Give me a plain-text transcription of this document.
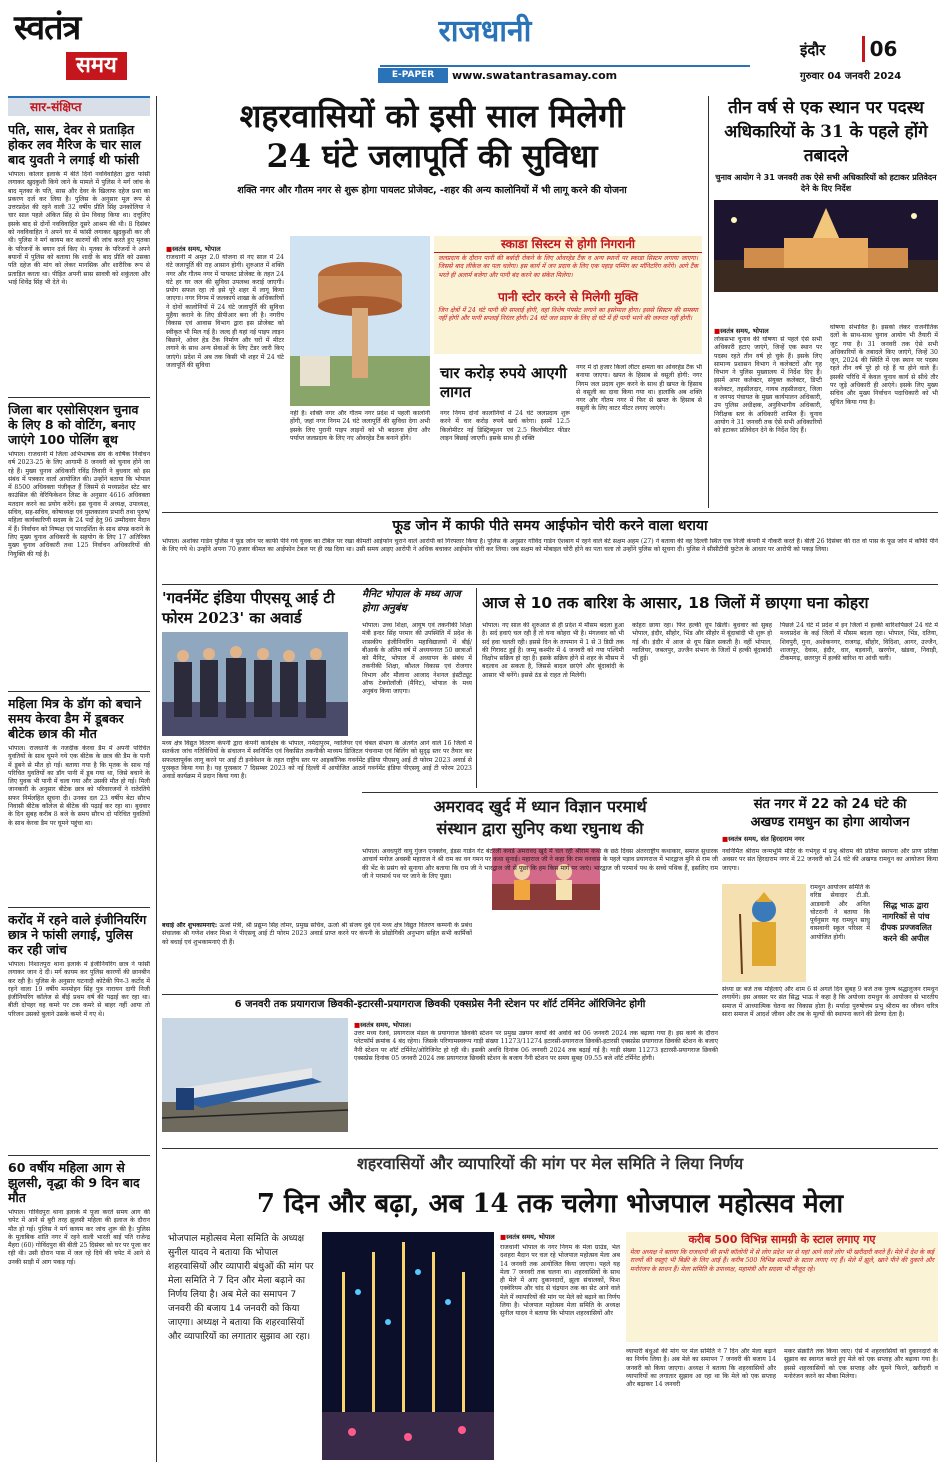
स्वतंत्र
समय
राजधानी
E-PAPER	www.swatantrasamay.com
इंदौर	06
गुरुवार 04 जनवरी 2024
सार-संक्षिप्त
पति, सास, देवर से प्रताड़ित होकर लव मैरिज के चार साल बाद युवती ने लगाई थी फांसी
भोपाल। कोलार इलाके में बीते दिनों नवविवाहिता द्वारा फांसी लगाकर खुदकुशी किये जाने के मामले में पुलिस ने मर्ग जांच के बाद मृतका के पति, सास और देवर के खिलाफ दहेज प्रथा का प्रकरण दर्ज कर लिया है। पुलिस के अनुसार मूल रूप से उत्तरप्रदेश की रहने वाली 32 वर्षीय प्रीति सिंह उनकोलिया ने चार साल पहले अंकित सिंह से प्रेम विवाह किया था। दत्तूलिए इसके बाद से दोनों नवविवाहित दूसरे आश्रम की थी। 8 दिसंबर को नवविवाहित ने अपने घर में फांसी लगाकर खुदकुशी कर ली थी। पुलिस ने मर्ग कायम कर कारणों की जांच करते हुए मृतका के परिजनों के बयान दर्ज किए थे। मृतका के परिजनों ने अपने बयानों में पुलिस को बताया कि शादी के बाद प्रीति को उसका पति दहेज की मांग को लेकर मानसिक और शारीरिक रूप से प्रताड़ित करता था। पीड़ित अपनी सास सावत्री को शकुंतला और भाई शिवेंद्र सिंह भी देते थे।
जिला बार एसोसिएशन चुनाव के लिए 8 को वोटिंग, बनाए जाएंगे 100 पोलिंग बूथ
भोपाल। राजधानी में जिला अभिभाषक संघ के वार्षिक निर्वाचन वर्ष 2023-25 के लिए आगामी 8 जनवरी को चुनाव होने जा रहे हैं। मुख्य चुनाव अधिकारी रविंद्र तिवारी ने बुधवार को इस संबंध में पत्रकार वार्ता आयोजित की। उन्होंने बताया कि भोपाल में 8500 अधिवक्ता पंजीकृत हैं जिसमें से मध्यप्रदेश स्टेट बार काउंसिल की वेरिफिकेशन लिस्ट के अनुसार 4616 अधिवक्ता मतदान करने का प्रयोग करेंगे। इस चुनाव में अध्यक्ष, उपाध्यक्ष, सचिव, सह-सचिव, कोषाध्यक्ष एवं पुस्तकालय प्रभारी तथा पुरुष/महिला कार्यकारिणी सदस्य के 24 पदों हेतु 96 उम्मीदवार मैदान में हैं। निर्वाचन को निष्पक्ष एवं पारदर्शिता के साथ संपन्न कराने के लिए मुख्य चुनाव अधिकारी के सहयोग के लिए 17 अतिरिक्त मुख्य चुनाव अधिकारी तथा 125 निर्वाचन अधिकारियों की नियुक्ति की गई है।
महिला मित्र के डॉग को बचाने समय केरवा डैम में डूबकर बीटेक छात्र की मौत
भोपाल। राजधानी के नजदीक केरवा डैम में अपनी परिचित युवतियों के साथ घूमने गये एक बीटेक के छात्र की डैम के पानी में डूबने से मौत हो गई। बताया गया है कि मृतक के साथ गई परिचित युवतियों का डॉग पानी में डूब गया था, जिसे बचाने के लिए युवक भी पानी में चला गया और उसकी मौत हो गई। मिली जानकारी के अनुसार बीटेक छात्र को परिवारजनों ने रातेरतिये सफर निर्मलहित सूचना दी। उनका दल 23 वर्षीय बेटा सौरभ निवासी बीटेक कॉलेज से बीटेक की पढ़ाई कर रहा था। बुधवार के दिन सुबह करीब 8 बजे के समय सौरभ दो परिचित युवतियों के साथ केरवा डैम पर घूमने पहुंचा था।
करोंद में रहने वाले इंजीनियरिंग छात्र ने फांसी लगाई, पुलिस कर रही जांच
भोपाल। निशातपुरा थाना इलाके में इंजीनियरिंग छात्र ने फांसी लगाकर जान दे दी। मर्ग कायम कर पुलिस कारणों की छानबीन कर रही है। पुलिस के अनुसार घटनादी कोटेकी पिन-3 कटोंद में रहने वाला 19 वर्षीय मनमोहन सिंह पुत्र नारायन दागी निजी इंजीनियरिंग कॉलेज से बीई प्रथम वर्ष की पढ़ाई कर रहा था। बीती दोपहर वह कमरे पर टक कमरे से बाहर नहीं आया तो परिजन उसको बुलाने उसके कमरे में गए थे।
60 वर्षीय महिला आग से झुलसी, वृद्धा की 9 दिन बाद मौत
भोपाल। गोविंदपुरा थाना इलाके में पूजा करते समय आग की चपेट में आने से बुरी तरह झुलसी महिला की इलाज के दौरान मौत हो गई। पुलिस ने मर्ग कायम कर जांच शुरू की है। पुलिस के मुताबिक शांति नगर में रहने वाली भारती बाई पति राजेन्द्र मैहरा (60) गोविंदपुरा की बीती 25 दिसंबर को घर पर पूजा कर रही थी। उसी दौरान पास में जल रहे दिये की चपेट में आने से उनकी साड़ी में आग पकड़ गई।
शहरवासियों को इसी साल मिलेगी
24 घंटे जलापूर्ति की सुविधा
शक्ति नगर और गौतम नगर से शुरू होगा पायलट प्रोजेक्ट, -शहर की अन्य कालोनियों में भी लागू करने की योजना
■ स्वतंत्र समय, भोपाल
राजधानी में अमृत 2.0 योजना से नए साल में 24 घंटे जलापूर्ति की राह आसान होगी। शुरुआत में शक्ति नगर और गौतम नगर में पायलट प्रोजेक्ट के तहत 24 घंटे हर घर जल की सुविधा उपलब्ध कराई जाएगी। प्रयोग सफल रहा तो इसे पूरे शहर में लागू किया जाएगा। नगर निगम में जलकार्य शाखा के अधिकारियों ने दोनों कालोनियों में 24 घंटे जलापूर्ति की सुविधा मुहैया कराने के लिए डीपीआर बना ली है। नगरीय विकास एवं आवास विभाग द्वारा इस प्रोजेक्ट को स्वीकृत भी मिल गई है। जल्द ही यहां नई पाइप लाइन बिछाने, ओवर हेड टैंक निर्माण और घरों में मीटर लगाने के साथ अन्य सेवाओं के लिए टेंडर जारी किए जाएंगे। प्रदेश में अब तक किसी भी शहर में 24 घंटे जलापूर्ति की सुविधा
नहीं है। शक्ति नगर और गौतम नगर प्रदेश में पहली कालोनी होंगी, जहां नगर निगम 24 घंटे जलापूर्ति की सुविधा देगा अभी इसके लिए पुरानी पाइप लाइनों को भी बदलना होगा और पर्याप्त जलप्रदाय के लिए नए ओवरहेड टैंक बनाने होंगे।
स्काडा सिस्टम से होगी निगरानी
जलप्रदाय के दौरान पानी की बर्बादी रोकने के लिए ओवरहेड टैंक व अन्य स्थानों पर स्काडा सिस्टम लगाया जाएगा। जिससे बाद लीकेज का पता चलेगा। इस कार्य में जन प्रदाय के लिए एक पहाड़ पम्पिंग का मॉनिटरिंग करेंगे। आगे टैंक भरते ही अलार्म बजेगा और पानी बंद करने का संकेत मिलेगा।
पानी स्टोर करने से मिलेगी मुक्ति
जिन क्षेत्रों में 24 घंटे पानी की सप्लाई होगी, वहां विशेष पंपसेट लगाने का इस्तेमाल होगा। इससे सिस्टम की समस्या नहीं होगी और पानी सप्लाई निरंतर होगी। 24 घंटे जल प्रदाय के लिए दो घंटे में ही पानी भरने की जरूरत नहीं होगी।
चार करोड़ रुपये आएगी लागत
नगर निगम दोनों कालोनियों में 24 घंटे जलप्रदाय शुरू करने में चार करोड़ रुपये खर्च करेगा। इसमें 12.5 किलोमीटर नई डिस्ट्रिब्यूशन एवं 2.5 किलोमीटर फीडर लाइन बिछाई जाएगी। इसके साथ ही शक्ति
नगर में दो हजार किलो लीटर क्षमता का ओवरहेड टैंक भी बनाया जाएगा। खपत के हिसाब से वसूली होगी: नगर निगम जल प्रदाय शुरू करने के साथ ही खपत के हिसाब से वसूली का दावा किया गया था। हालांकि अब शक्ति नगर और गौतम नगर में फिर से खपत के हिसाब से वसूली के लिए वाटर मीटर लगाए जाएंगे।
तीन वर्ष से एक स्थान पर पदस्थ अधिकारियों के 31 के पहले होंगे तबादले
चुनाव आयोग ने 31 जनवरी तक ऐसे सभी अधिकारियों को हटाकर प्रतिवेदन देने के दिए निर्देश
■ स्वतंत्र समय, भोपाल
लोकसभा चुनाव की घोषणा से पहले ऐसे सभी अधिकारी हटाए जाएंगे, जिन्हें एक स्थान पर पदस्थ रहते तीन वर्ष हो चुके हैं। इसके लिए सामान्य प्रशासन विभाग ने कलेक्टरों और गृह विभाग ने पुलिस मुख्यालय में निर्देश दिए हैं। इसमें अपर कलेक्टर, संयुक्त कलेक्टर, डिप्टी कलेक्टर, तहसीलदार, नायब तहसीलदार, जिला व जनपद पंचायत के मुख्य कार्यपालन अधिकारी, उप पुलिस अधीक्षक, अनुविभागीय अधिकारी, निरीक्षक स्तर के अधिकारी शामिल हैं। चुनाव आयोग ने 31 जनवरी तक ऐसे सभी अधिकारियों को हटाकर प्रतिवेदन देने के निर्देश दिए हैं।
घोषणा संभावित है। इसको लेकर राजनीतिक दलों के साथ-साथ चुनाव आयोग भी तैयारी में जुट गया है। 31 जनवरी तक ऐसे सभी अधिकारियों के तबादले किए जाएंगे, जिन्हें 30 जून, 2024 की स्थिति में एक स्थान पर पदस्थ रहते तीन वर्ष पूरे हो रहे हैं या होने वाले हैं। इसकी परिधि में केवल चुनाव कार्य से सीधे तौर पर जुड़े अधिकारी ही आएंगे। इसके लिए मुख्य सचिव और मुख्य निर्वाचन पदाधिकारी को भी सूचित किया गया है।
फूड जोन में काफी पीते समय आईफोन चोरी करने वाला धराया
भोपाल। अशोका गार्डन पुलिस ने फूड जोन पर काफी पीने गये युवक का टेबिल पर रखा कीमती आईफोन चुराने वाले आरोपी को गिरफ्तार किया है। पुलिस के अनुसार गोविंद गार्डन ऐशबाग में रहने वाले बेटे सक्षम अहम (27) ने बताया की वह दिल्ली स्थित एक निजी कंपनी में नौकरी करते हैं। बीती 26 दिसंबर की रात वो पास के फूड जोन में कॉफी पीने के लिए गये थे। उन्होंने अपना 70 हजार कीमत का आईफोन टेबल पर ही रख दिया था। उसी समय आइए आरोपी ने अधिक बचाकर आईफोन चोरी कर लिया। जब सक्षम को मोबाइल चोरी होने का पता चला तो उन्होंने पुलिस को सूचना दी। पुलिस ने सीसीटीवी फुटेज के आधार पर आरोपी को पकड़ लिया।
'गवर्नमेंट इंडिया पीएसयू आई टी फोरम 2023' का अवार्ड
मध्य क्षेत्र विद्युत वितरण कंपनी द्वारा कंपनी कार्यक्षेत्र के भोपाल, नर्मदापुरम, ग्वालियर एवं चंबल संभाग के अंतर्गत आने वाले 16 जिलों में सतर्कता जांच गतिविधियों के संचालन में स्वनिर्मित एवं विकसित तकनीकी माध्यम डिजिटल पंचनामा एवं बिलिंग को सुदृढ़ स्तर पर तैयार कर सफलतापूर्वक लागू करने पर आई टी इनोवेशन के तहत राष्ट्रीय स्तर पर आइकॉनिक गवर्नमेंट इंडिया पीएसयू आई टी फोरम 2023 अवार्ड से पुरस्कृत किया गया है। यह पुरस्कार 7 दिसम्बर 2023 को नई दिल्ली में आयोजित आठवें गवर्नमेंट इंडिया पीएसयू आई टी फोरम 2023 अवार्ड कार्यक्रम में प्रदान किया गया है।
बधाई और शुभकामनाएं: ऊर्जा मंत्री, श्री प्रद्युम्न सिंह तोमर, प्रमुख सचिव, ऊर्जा श्री संजय दुबे एवं मध्य क्षेत्र विद्युत वितरण कम्पनी के प्रबंध संचालक श्री गणेश शंकर मिश्रा ने पीएसयू आई टी फोरम 2023 अवार्ड प्राप्त करने पर कंपनी के प्रोद्योगिकी अनुभाग सहित सभी कार्मिकों को बधाई एवं शुभकामनाएं दी हैं।
मैनिट भोपाल के मध्य आज होगा अनुबंध
भोपाल। उच्च शिक्षा, आयुष एवं तकनीकी शिक्षा मंत्री इन्दर सिंह परमार की उपस्थिति में प्रदेश के शासकीय इंजीनियरिंग महाविद्यालयों में बीई/बीआर्क के अंतिम वर्ष में अध्ययनरत 50 छात्राओं को मैनिट, भोपाल में अध्यापन के संबंध में तकनीकी शिक्षा, कौशल विकास एवं रोजगार विभाग और मौलाना आजाद नेशनल इंस्टीट्यूट ऑफ टेक्नोलॉजी (मैनिट), भोपाल के मध्य अनुबंध किया जाएगा।
आज से 10 तक बारिश के आसार, 18 जिलों में छाएगा घना कोहरा
भोपाल। नए साल की शुरुआत से ही प्रदेश में मौसम बदला हुआ है। सर्द हवाएं चल रही हैं तो घना कोहरा भी है। मंगलवार को भी सर्द हवा चलती रही। इससे दिन के तापमान में 1 से 3 डिग्री तक की गिरावट हुई है। जम्मू कश्मीर में 4 जनवरी को नया पश्चिमी विक्षोभ सक्रिय हो रहा है। इसके सक्रिय होने से शहर के मौसम में बदलाव आ सकता है, जिससे बादल छाएंगे और बूंदाबांदी के आसार भी बनेंगे। इससे ठंड से राहत तो मिलेगी।
कोहरा छाया रहा। फिर हल्की धूप खिली। बुधवार को सुबह भोपाल, इंदौर, सीहोर, भिंड और सीहोर में बूंदाबांदी भी शुरू हो गई थी। इंदौर में आज से धूप खिल सकती है। वहीं भोपाल, ग्वालियर, जबलपुर, उज्जैन संभाग के जिलों में हल्की बूंदाबांदी भी हुई।
पिछले 24 घंटे में प्रदेश में इन जिलों में हल्की बारिशपिछले 24 घंटे में मध्यप्रदेश के कई जिलों में मौसम बदला रहा। भोपाल, भिंड, दतिया, शिवपुरी, गुना, अशोकनगर, राजगढ़, सीहोर, विदिशा, आगर, उज्जैन, शाजापुर, देवास, इंदौर, धार, बड़वानी, खरगोन, खंडवा, निवाड़ी, टीकमगढ़, छतरपुर में हल्की बारिश या आंधी चली।
अमरावद खुर्द में ध्यान विज्ञान परमार्थ
संस्थान द्वारा सुनिए कथा रघुनाथ की
भोपाल। अवधपुरी वायु गुंजन एनक्लेव, इंडस गार्डन गेट बेटरली कवर्ड अमरावद खुर्द में चल रही श्रीराम कथा के छठे दिवस अंतरराष्ट्रीय कथाकार, समाज सुधारक आचार्य मनोज अवस्थी महाराज ने श्री राम का वन गमन पर कथा सुनाई। महाराज जी ने कहा कि राम वनवास के पहले पड़ाव प्रयागराज में भारद्वाज मुनि से राम जी की भेंट के प्रसंग को सुनाया और बताया कि राम जी ने भारद्वाज जी से पूछा कि हम किस मार्ग पर जाएं। भारद्वाज जी परमार्थ पथ के सच्चे पथिक हैं, इसलिए राम जी ने परमार्थ पथ पर जाने के लिए पूछा।
संत नगर में 22 को 24 घंटे की
अखण्ड रामधुन का होगा आयोजन
■ स्वतंत्र समय, संत हिरदाराम नगर
नवनिर्मित श्रीराम जन्मभूमि मंदिर के गर्भगृह में प्रभु श्रीराम की प्रतिमा स्थापना और प्राण प्रतिष्ठा अवसर पर संत हिरदाराम नगर में 22 जनवरी को 24 घंटे की अखण्ड रामधुन का आयोजन किया जाएगा।
रामधुन आयोजन समिति के वरिष्ठ सेवादार टी.डी. आडवानी और अनिल चोटरानी ने बताया कि पूर्वनुसार यह रामधुन साधु वासवानी स्कूल परिसर में आयोजित होगी।
सिद्ध भाऊ द्वारा नागरिकों से पांच दीपक प्रज्जवलित करने की अपील
संध्या छः बजे तक महिलाएं और शाम 6 से अगले दिन सुबह 9 बजे तक पुरुष श्रद्धालुजन रामधुन लगायेंगे। इस अवसर पर संत सिद्ध भाऊ ने कहा है कि अयोध्या रामधुन के आयोजन से भारतीय समाज में आध्यात्मिक चेतना का विकास होता है। मर्यादा पुरुषोत्तम प्रभु श्रीराम का जीवन चरित्र सारा समाज में आदर्श जीवन और तब के मूल्यों की स्थापना करने की प्रेरणा देता है।
6 जनवरी तक प्रयागराज छिवकी-इटारसी-प्रयागराज छिवकी एक्सप्रेस नैनी स्टेशन पर शॉर्ट टर्मिनेट ऑरिजिनेट होगी
■ स्वतंत्र समय, भोपाल।
उत्तर मध्य रेलवे, प्रयागराज मंडल के प्रयागराज छिवकी स्टेशन पर प्रमुख उन्नयन कार्यों की अवधि को 06 जनवरी 2024 तक बढ़ाया गया है। इस कार्य के दौरान प्लेटफॉर्म क्रमांक 4 बंद रहेगा। जिसके परिणामस्वरूप गाड़ी संख्या 11273/11274 इटारसी-प्रयागराज छिवकी-इटारसी एक्सप्रेस प्रयागराज छिवकी स्टेशन के बजाए नैनी स्टेशन पर शॉर्ट टर्मिनेट/ओरिजिनेट हो रही थी। इसकी अवधि दिनांक 06 जनवरी 2024 तक बढ़ाई गई है। गाड़ी संख्या 11273 इटारसी-प्रयागराज छिवकी एक्सप्रेस दिनांक 05 जनवरी 2024 तक प्रयागराज छिवकी स्टेशन के बजाय नैनी स्टेशन पर समय सुबह 09.55 बजे शॉर्ट टर्मिनेट होगी।
शहरवासियों और व्यापारियों की मांग पर मेल समिति ने लिया निर्णय
7 दिन और बढ़ा, अब 14 तक चलेगा भोजपाल महोत्सव मेला
भोजपाल महोत्सव मेला समिति के अध्यक्ष सुनील यादव ने बताया कि भोपाल शहरवासियों और व्यापारी बंधुओं की मांग पर मेला समिति ने 7 दिन और मेला बढ़ाने का निर्णय लिया है। अब मेले का समापन 7 जनवरी की बजाय 14 जनवरी को किया जाएगा। अध्यक्ष ने बताया कि शहरवासियों और व्यापारियों का लगातार सुझाव आ रहा।
■ स्वतंत्र समय, भोपाल
राजधानी भोपाल के नगर निगम के मेला ग्राउंड, भेल दशहरा मैदान पर चल रहे भोजपाल महोत्सव मेला अब 14 जनवरी तक आयोजित किया जाएगा। पहले यह मेला 7 जनवरी तक चलना था। शहरवासियों के साथ ही मेले में आए दुकानदारों, झूला संचालकों, फिश एक्वेरियम और चांद से चंद्रयान तक का सेट आने वाले मेले में व्यापारियों की मांग पर मेले को बढ़ाने का निर्णय लिया है। भोजपाल महोत्सव मेला समिति के अध्यक्ष सुनील यादव ने बताया कि भोपाल शहरवासियों और
करीब 500 विभिन्न सामग्री के स्टाल लगाए गए
मेला अध्यक्ष ने बताया कि राजधानी की सभी कॉलोनी में से लोग प्रदेश भर से यहां आने वाले लोग भी खरीदारी करते हैं। मेले में देश के कई राज्यों की वस्तुएं भी बिक्री के लिए आई हैं। करीब 500 विभिन्न सामग्री के स्टाल लगाए गए हैं। मेले में झूले, खाने पीने की दुकाने और मनोरंजन के साधन हैं। मेला समिति के उपाध्यक्ष, महामंत्री और सदस्य भी मौजूद रहे।
व्यापारी बंधुओं की मांग पर मेल समिति ने 7 दिन और मेला बढ़ाने का निर्णय लिया है। अब मेले का समापन 7 जनवरी की बजाय 14 जनवरी को किया जाएगा। अध्यक्ष ने बताया कि शहरवासियों और व्यापारियों का लगातार सुझाव आ रहा था कि मेले को एक सप्ताह और बढ़ाकर 14 जनवरी
मकर संक्रांति तक किया जाए। ऐसे में शहरवासियों को दुकानदारों के सुझाव का स्वागत करते हुए मेले को एक सप्ताह और बढ़ाया गया है। इससे शहरवासियों को एक सप्ताह और घूमने फिरने, खरीदारी व मनोरंजन करने का मौका मिलेगा।
